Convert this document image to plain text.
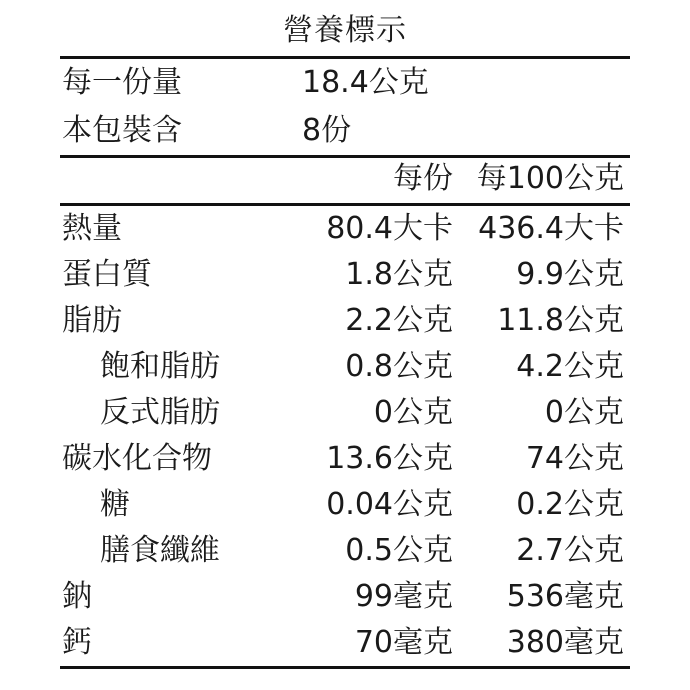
營養標示		
每一份量	18.4公克	
本包裝含	8份	
	每份	每100公克
熱量	80.4大卡	436.4大卡
蛋白質	1.8公克	9.9公克
脂肪	2.2公克	11.8公克
飽和脂肪	0.8公克	4.2公克
反式脂肪	0公克	0公克
碳水化合物	13.6公克	74公克
糖	0.04公克	0.2公克
膳食纖維	0.5公克	2.7公克
鈉	99毫克	536毫克
鈣	70毫克	380毫克
